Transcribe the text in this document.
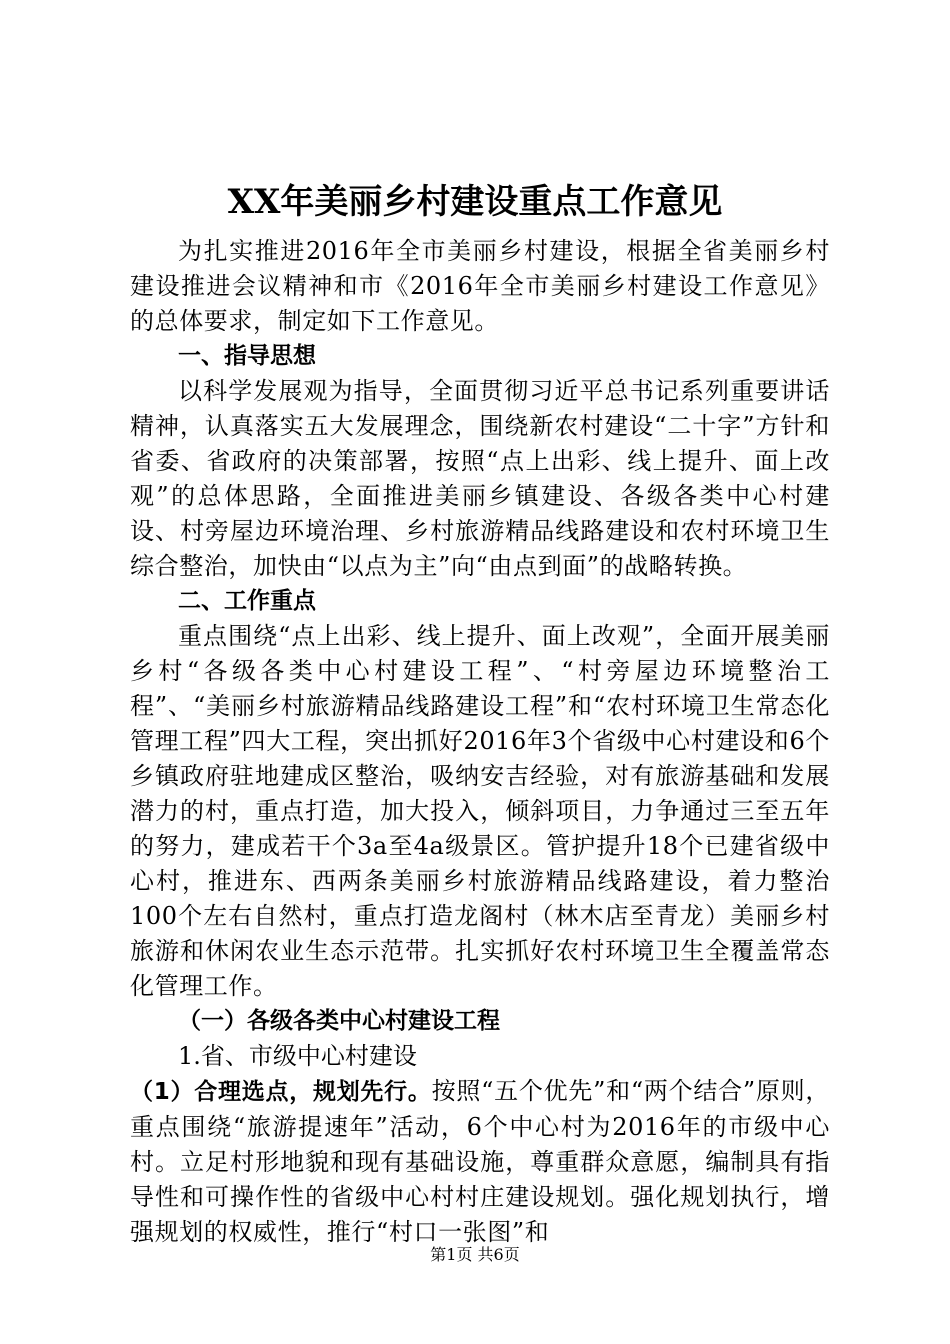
XX年美丽乡村建设重点工作意见

为扎实推进2016年全市美丽乡村建设，根据全省美丽乡村建设推进会议精神和市《2016年全市美丽乡村建设工作意见》的总体要求，制定如下工作意见。

一、指导思想

以科学发展观为指导，全面贯彻习近平总书记系列重要讲话精神，认真落实五大发展理念，围绕新农村建设“二十字”方针和省委、省政府的决策部署，按照“点上出彩、线上提升、面上改观”的总体思路，全面推进美丽乡镇建设、各级各类中心村建设、村旁屋边环境治理、乡村旅游精品线路建设和农村环境卫生综合整治，加快由“以点为主”向“由点到面”的战略转换。

二、工作重点

重点围绕“点上出彩、线上提升、面上改观”，全面开展美丽乡村“各级各类中心村建设工程”、“村旁屋边环境整治工程”、“美丽乡村旅游精品线路建设工程”和“农村环境卫生常态化管理工程”四大工程，突出抓好2016年3个省级中心村建设和6个乡镇政府驻地建成区整治，吸纳安吉经验，对有旅游基础和发展潜力的村，重点打造，加大投入，倾斜项目，力争通过三至五年的努力，建成若干个3a至4a级景区。管护提升18个已建省级中心村，推进东、西两条美丽乡村旅游精品线路建设，着力整治100个左右自然村，重点打造龙阁村（林木店至青龙）美丽乡村旅游和休闲农业生态示范带。扎实抓好农村环境卫生全覆盖常态化管理工作。

（一）各级各类中心村建设工程

1.省、市级中心村建设

（1）合理选点，规划先行。按照“五个优先”和“两个结合”原则，重点围绕“旅游提速年”活动，6个中心村为2016年的市级中心村。立足村形地貌和现有基础设施，尊重群众意愿，编制具有指导性和可操作性的省级中心村村庄建设规划。强化规划执行，增强规划的权威性，推行“村口一张图”和

第1页 共6页
